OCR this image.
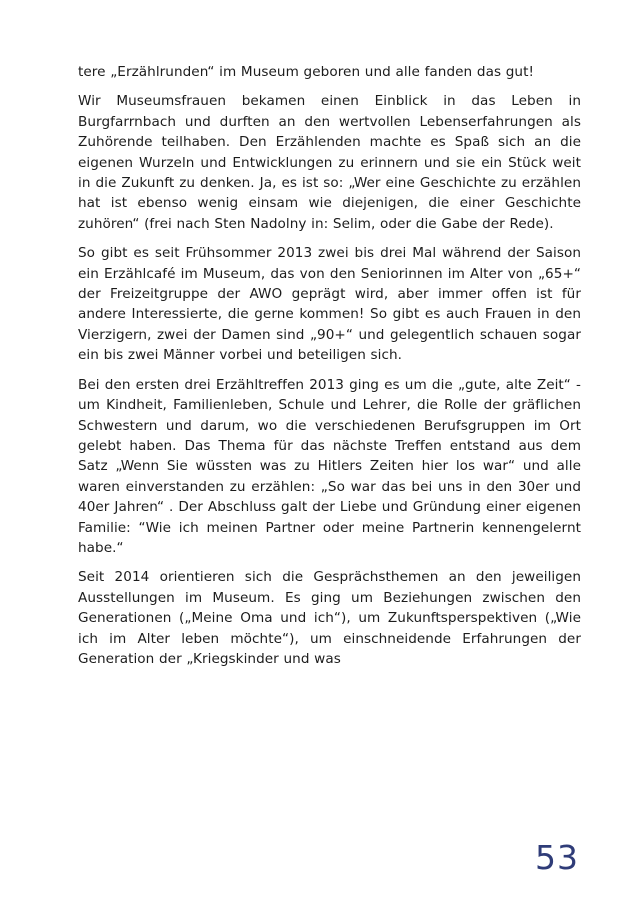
tere „Erzählrunden“ im Museum geboren und alle fanden das gut!

Wir Museumsfrauen bekamen einen Einblick in das Leben in Burgfarrnbach und durften an den wertvollen Lebenserfahrungen als Zuhörende teilhaben. Den Erzählenden machte es Spaß sich an die eigenen Wurzeln und Entwicklungen zu erinnern und sie ein Stück weit in die Zukunft zu denken. Ja, es ist so: „Wer eine Geschichte zu erzählen hat ist ebenso wenig einsam wie diejenigen, die einer Geschichte zuhören“ (frei nach Sten Nadolny in: Selim, oder die Gabe der Rede).

So gibt es seit Frühsommer 2013 zwei bis drei Mal während der Saison ein Erzählcafé im Museum, das von den Seniorinnen im Alter von „65+“ der Freizeitgruppe der AWO geprägt wird, aber immer offen ist für andere Interessierte, die gerne kommen! So gibt es auch Frauen in den Vierzigern, zwei der Damen sind „90+“ und gelegentlich schauen sogar ein bis zwei Männer vorbei und beteiligen sich.

Bei den ersten drei Erzähltreffen 2013 ging es um die „gute, alte Zeit“ - um Kindheit, Familienleben, Schule und Lehrer, die Rolle der gräflichen Schwestern und darum, wo die verschiedenen Berufsgruppen im Ort gelebt haben. Das Thema für das nächste Treffen entstand aus dem Satz „Wenn Sie wüssten was zu Hitlers Zeiten hier los war“ und alle waren einverstanden zu erzählen: „So war das bei uns in den 30er und 40er Jahren“ . Der Abschluss galt der Liebe und Gründung einer eigenen Familie: “Wie ich meinen Partner oder meine Partnerin kennengelernt habe.“

Seit 2014 orientieren sich die Gesprächsthemen an den jeweiligen Ausstellungen im Museum. Es ging um Beziehungen zwischen den Generationen („Meine Oma und ich“), um Zukunftsperspektiven („Wie ich im Alter leben möchte“), um einschneidende Erfahrungen der Generation der „Kriegskinder und was

53
